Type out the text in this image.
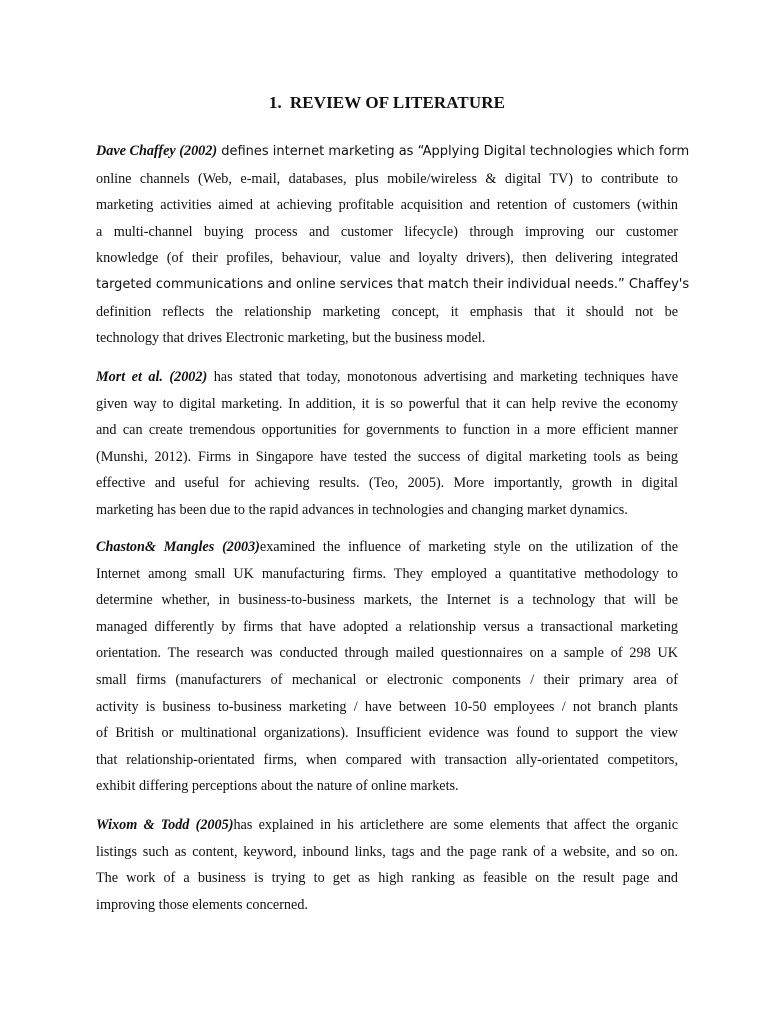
1. REVIEW OF LITERATURE

Dave Chaffey (2002) defines internet marketing as “Applying Digital technologies which form
online channels (Web, e-mail, databases, plus mobile/wireless & digital TV) to contribute to
marketing activities aimed at achieving profitable acquisition and retention of customers (within
a multi-channel buying process and customer lifecycle) through improving our customer
knowledge (of their profiles, behaviour, value and loyalty drivers), then delivering integrated
targeted communications and online services that match their individual needs.” Chaffey's
definition reflects the relationship marketing concept, it emphasis that it should not be
technology that drives Electronic marketing, but the business model.

Mort et al. (2002) has stated that today, monotonous advertising and marketing techniques have
given way to digital marketing. In addition, it is so powerful that it can help revive the economy
and can create tremendous opportunities for governments to function in a more efficient manner
(Munshi, 2012). Firms in Singapore have tested the success of digital marketing tools as being
effective and useful for achieving results. (Teo, 2005). More importantly, growth in digital
marketing has been due to the rapid advances in technologies and changing market dynamics.

Chaston& Mangles (2003)examined the influence of marketing style on the utilization of the
Internet among small UK manufacturing firms. They employed a quantitative methodology to
determine whether, in business-to-business markets, the Internet is a technology that will be
managed differently by firms that have adopted a relationship versus a transactional marketing
orientation. The research was conducted through mailed questionnaires on a sample of 298 UK
small firms (manufacturers of mechanical or electronic components / their primary area of
activity is business to-business marketing / have between 10-50 employees / not branch plants
of British or multinational organizations). Insufficient evidence was found to support the view
that relationship-orientated firms, when compared with transaction ally-orientated competitors,
exhibit differing perceptions about the nature of online markets.

Wixom & Todd (2005)has explained in his articlethere are some elements that affect the organic
listings such as content, keyword, inbound links, tags and the page rank of a website, and so on.
The work of a business is trying to get as high ranking as feasible on the result page and
improving those elements concerned.
